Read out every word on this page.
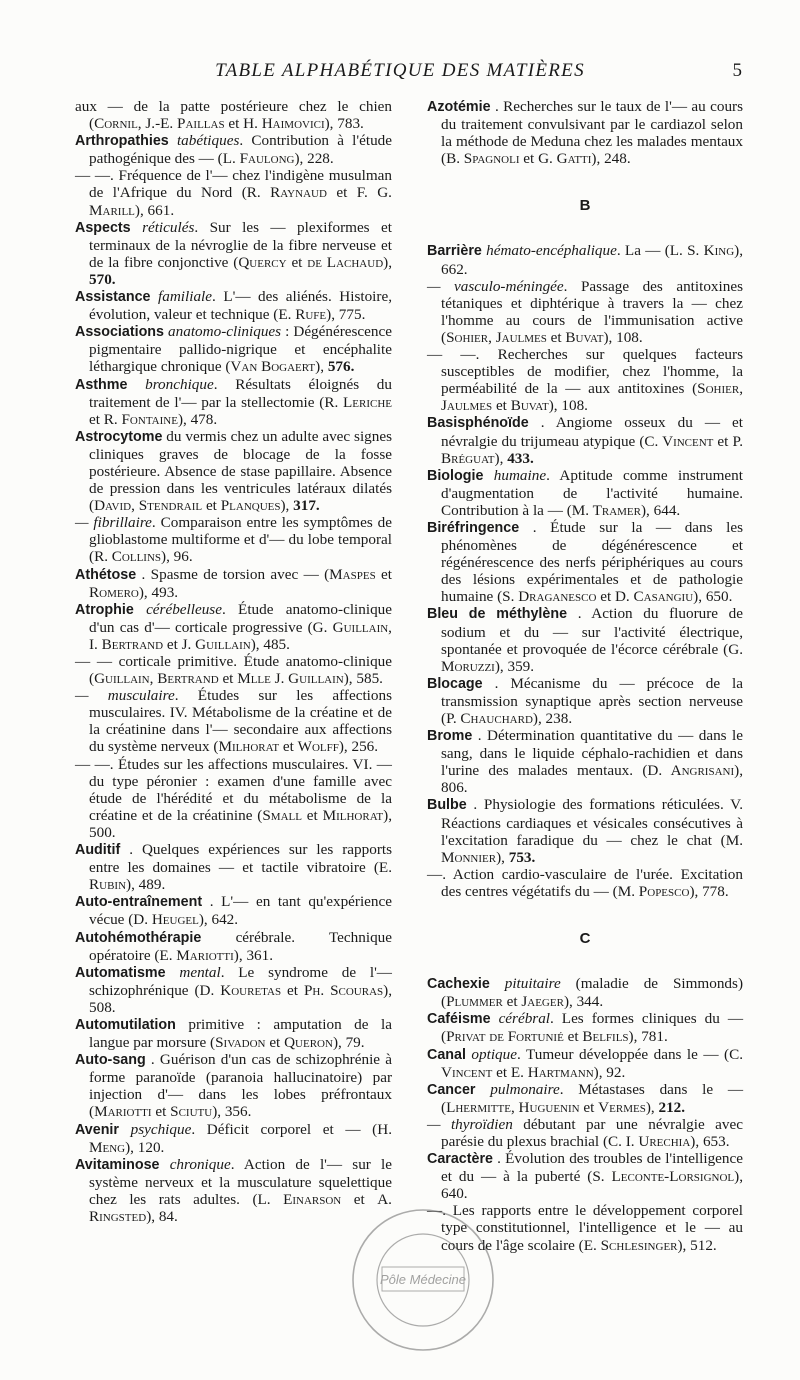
TABLE ALPHABÉTIQUE DES MATIÈRES	5

aux — de la patte postérieure chez le chien (Cornil, J.-E. Paillas et H. Haimovici), 783.

Arthropathies tabétiques. Contribution à l'étude pathogénique des — (L. Faulong), 228.

— —. Fréquence de l'— chez l'indigène musulman de l'Afrique du Nord (R. Raynaud et F. G. Marill), 661.

Aspects réticulés. Sur les — plexiformes et terminaux de la névroglie de la fibre nerveuse et de la fibre conjonctive (Quercy et de Lachaud), 570.

Assistance familiale. L'— des aliénés. Histoire, évolution, valeur et technique (E. Rufe), 775.

Associations anatomo-cliniques : Dégénérescence pigmentaire pallido-nigrique et encéphalite léthargique chronique (Van Bogaert), 576.

Asthme bronchique. Résultats éloignés du traitement de l'— par la stellectomie (R. Leriche et R. Fontaine), 478.

Astrocytome du vermis chez un adulte avec signes cliniques graves de blocage de la fosse postérieure. Absence de stase papillaire. Absence de pression dans les ventricules latéraux dilatés (David, Stendrail et Planques), 317.

— fibrillaire. Comparaison entre les symptômes de glioblastome multiforme et d'— du lobe temporal (R. Collins), 96.

Athétose . Spasme de torsion avec — (Maspes et Romero), 493.

Atrophie cérébelleuse. Étude anatomo-clinique d'un cas d'— corticale progressive (G. Guillain, I. Bertrand et J. Guillain), 485.

— — corticale primitive. Étude anatomo-clinique (Guillain, Bertrand et Mlle J. Guillain), 585.

— musculaire. Études sur les affections musculaires. IV. Métabolisme de la créatine et de la créatinine dans l'— secondaire aux affections du système nerveux (Milhorat et Wolff), 256.

— —. Études sur les affections musculaires. VI. — du type péronier : examen d'une famille avec étude de l'hérédité et du métabolisme de la créatine et de la créatinine (Small et Milhorat), 500.

Auditif . Quelques expériences sur les rapports entre les domaines — et tactile vibratoire (E. Rubin), 489.

Auto-entraînement . L'— en tant qu'expérience vécue (D. Heugel), 642.

Autohémothérapie cérébrale. Technique opératoire (E. Mariotti), 361.

Automatisme mental. Le syndrome de l'— schizophrénique (D. Kouretas et Ph. Scouras), 508.

Automutilation primitive : amputation de la langue par morsure (Sivadon et Queron), 79.

Auto-sang . Guérison d'un cas de schizophrénie à forme paranoïde (paranoia hallucinatoire) par injection d'— dans les lobes préfrontaux (Mariotti et Sciutu), 356.

Avenir psychique. Déficit corporel et — (H. Meng), 120.

Avitaminose chronique. Action de l'— sur le système nerveux et la musculature squelettique chez les rats adultes. (L. Einarson et A. Ringsted), 84.

Azotémie . Recherches sur le taux de l'— au cours du traitement convulsivant par le cardiazol selon la méthode de Meduna chez les malades mentaux (B. Spagnoli et G. Gatti), 248.

B

Barrière hémato-encéphalique. La — (L. S. King), 662.

— vasculo-méningée. Passage des antitoxines tétaniques et diphtérique à travers la — chez l'homme au cours de l'immunisation active (Sohier, Jaulmes et Buvat), 108.

— —. Recherches sur quelques facteurs susceptibles de modifier, chez l'homme, la perméabilité de la — aux antitoxines (Sohier, Jaulmes et Buvat), 108.

Basisphénoïde . Angiome osseux du — et névralgie du trijumeau atypique (C. Vincent et P. Bréguat), 433.

Biologie humaine. Aptitude comme instrument d'augmentation de l'activité humaine. Contribution à la — (M. Tramer), 644.

Biréfringence . Étude sur la — dans les phénomènes de dégénérescence et régénérescence des nerfs périphériques au cours des lésions expérimentales et de pathologie humaine (S. Draganesco et D. Casangiu), 650.

Bleu de méthylène . Action du fluorure de sodium et du — sur l'activité électrique, spontanée et provoquée de l'écorce cérébrale (G. Moruzzi), 359.

Blocage . Mécanisme du — précoce de la transmission synaptique après section nerveuse (P. Chauchard), 238.

Brome . Détermination quantitative du — dans le sang, dans le liquide céphalo-rachidien et dans l'urine des malades mentaux. (D. Angrisani), 806.

Bulbe . Physiologie des formations réticulées. V. Réactions cardiaques et vésicales consécutives à l'excitation faradique du — chez le chat (M. Monnier), 753.

—. Action cardio-vasculaire de l'urée. Excitation des centres végétatifs du — (M. Popesco), 778.

C

Cachexie pituitaire (maladie de Simmonds) (Plummer et Jaeger), 344.

Caféisme cérébral. Les formes cliniques du — (Privat de Fortunié et Belfils), 781.

Canal optique. Tumeur développée dans le — (C. Vincent et E. Hartmann), 92.

Cancer pulmonaire. Métastases dans le — (Lhermitte, Huguenin et Vermes), 212.

— thyroïdien débutant par une névralgie avec parésie du plexus brachial (C. I. Urechia), 653.

Caractère . Évolution des troubles de l'intelligence et du — à la puberté (S. Leconte-Lorsignol), 640.

—. Les rapports entre le développement corporel type constitutionnel, l'intelligence et le — au cours de l'âge scolaire (E. Schlesinger), 512.

Pôle Médecine
